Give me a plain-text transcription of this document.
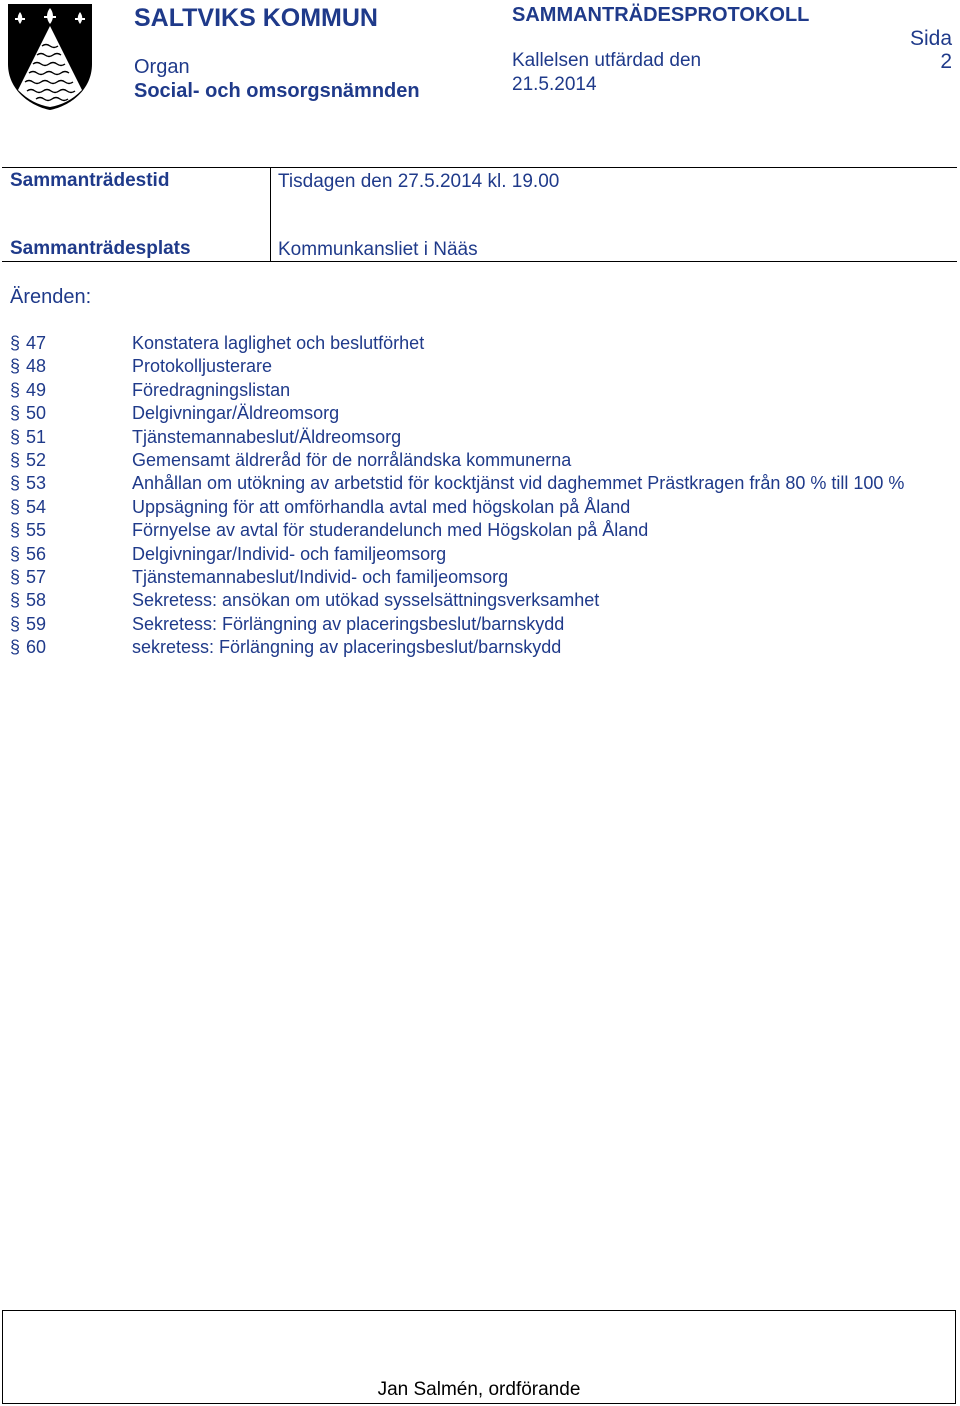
SALTVIKS KOMMUN
Organ
Social- och omsorgsnämnden
SAMMANTRÄDESPROTOKOLL
Kallelsen utfärdad den
21.5.2014
Sida
2
Sammanträdestid	Tisdagen den 27.5.2014 kl. 19.00
Sammanträdesplats	Kommunkansliet i Nääs
Ärenden:
§ 47	Konstatera laglighet och beslutförhet
§ 48	Protokolljusterare
§ 49	Föredragningslistan
§ 50	Delgivningar/Äldreomsorg
§ 51	Tjänstemannabeslut/Äldreomsorg
§ 52	Gemensamt äldreråd för de norråländska kommunerna
§ 53	Anhållan om utökning av arbetstid för kocktjänst vid daghemmet Prästkragen från 80 % till 100 %
§ 54	Uppsägning för att omförhandla avtal med högskolan på Åland
§ 55	Förnyelse av avtal för studerandelunch med Högskolan på Åland
§ 56	Delgivningar/Individ- och familjeomsorg
§ 57	Tjänstemannabeslut/Individ- och familjeomsorg
§ 58	Sekretess: ansökan om utökad sysselsättningsverksamhet
§ 59	Sekretess: Förlängning av placeringsbeslut/barnskydd
§ 60	sekretess: Förlängning av placeringsbeslut/barnskydd
Jan Salmén, ordförande
